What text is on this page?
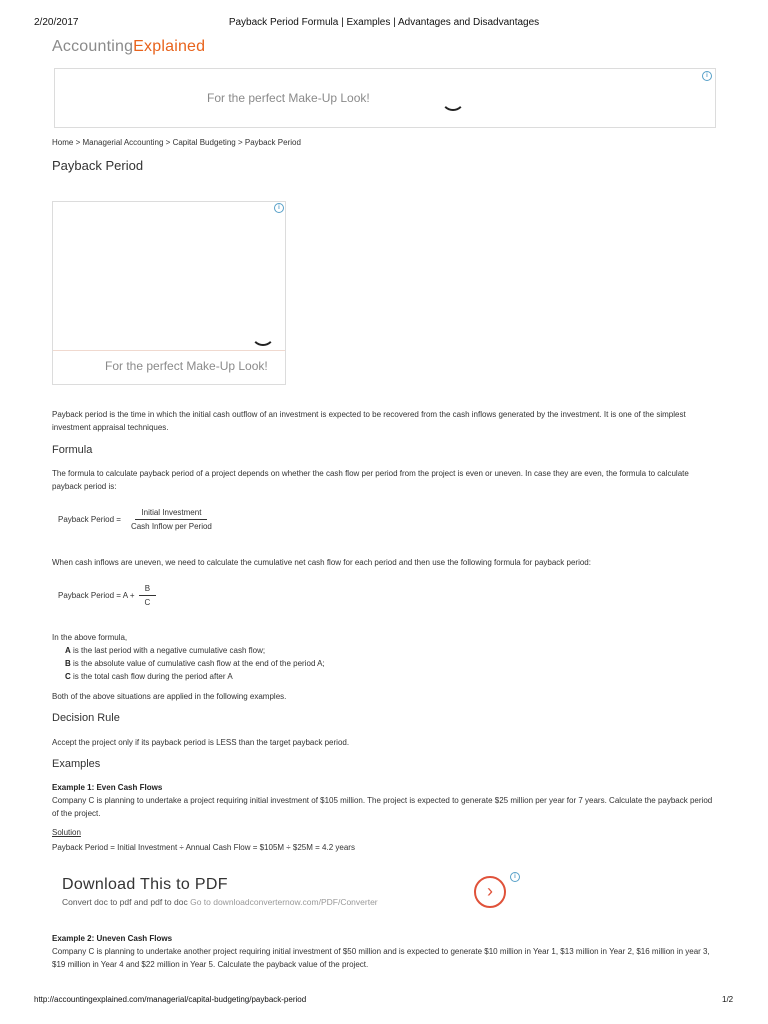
2/20/2017	Payback Period Formula | Examples | Advantages and Disadvantages
AccountingExplained
i
For the perfect Make-Up Look!
Home > Managerial Accounting > Capital Budgeting > Payback Period
Payback Period
i
For the perfect Make-Up Look!

Payback period is the time in which the initial cash outflow of an investment is expected to be recovered from the cash inflows generated by the investment. It is one of the simplest investment appraisal techniques.

Formula

The formula to calculate payback period of a project depends on whether the cash flow per period from the project is even or uneven. In case they are even, the formula to calculate payback period is:

Payback Period = $\frac{\text{Initial Investment}}{\text{Cash Inflow per Period}}$

When cash inflows are uneven, we need to calculate the cumulative net cash flow for each period and then use the following formula for payback period:

Payback Period = $A + \frac{B}{C}$

In the above formula,

A is the last period with a negative cumulative cash flow;
B is the absolute value of cumulative cash flow at the end of the period A;
C is the total cash flow during the period after A

Both of the above situations are applied in the following examples.

Decision Rule

Accept the project only if its payback period is LESS than the target payback period.

Examples

Example 1: Even Cash Flows

Company C is planning to undertake a project requiring initial investment of $105 million. The project is expected to generate $25 million per year for 7 years. Calculate the payback period of the project.

Solution

Payback Period = Initial Investment ÷ Annual Cash Flow = $105M ÷ $25M = 4.2 years

Download This to PDF
Convert doc to pdf and pdf to doc Go to downloadconverternow.com/PDF/Converter
›
i

Example 2: Uneven Cash Flows

Company C is planning to undertake another project requiring initial investment of $50 million and is expected to generate $10 million in Year 1, $13 million in Year 2, $16 million in year 3, $19 million in Year 4 and $22 million in Year 5. Calculate the payback value of the project.

http://accountingexplained.com/managerial/capital-budgeting/payback-period	1/2
